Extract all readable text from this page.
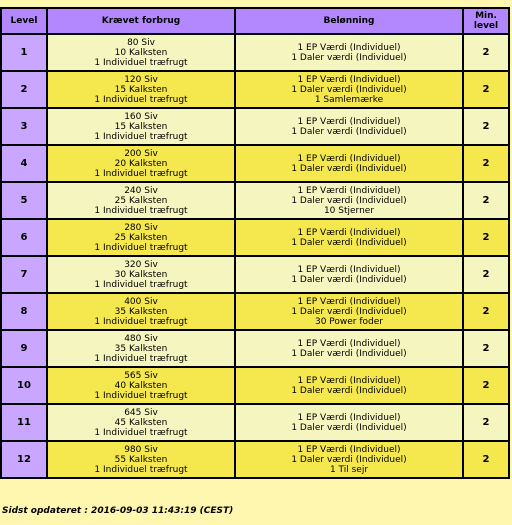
Level	Krævet forbrug	Belønning	Min.
level

1	80 Siv
10 Kalksten
1 Individuel træfrugt	1 EP Værdi (Individuel)
1 Daler værdi (Individuel)	2
2	120 Siv
15 Kalksten
1 Individuel træfrugt	1 EP Værdi (Individuel)
1 Daler værdi (Individuel)
1 Samlemærke	2
3	160 Siv
15 Kalksten
1 Individuel træfrugt	1 EP Værdi (Individuel)
1 Daler værdi (Individuel)	2
4	200 Siv
20 Kalksten
1 Individuel træfrugt	1 EP Værdi (Individuel)
1 Daler værdi (Individuel)	2
5	240 Siv
25 Kalksten
1 Individuel træfrugt	1 EP Værdi (Individuel)
1 Daler værdi (Individuel)
10 Stjerner	2
6	280 Siv
25 Kalksten
1 Individuel træfrugt	1 EP Værdi (Individuel)
1 Daler værdi (Individuel)	2
7	320 Siv
30 Kalksten
1 Individuel træfrugt	1 EP Værdi (Individuel)
1 Daler værdi (Individuel)	2
8	400 Siv
35 Kalksten
1 Individuel træfrugt	1 EP Værdi (Individuel)
1 Daler værdi (Individuel)
30 Power foder	2
9	480 Siv
35 Kalksten
1 Individuel træfrugt	1 EP Værdi (Individuel)
1 Daler værdi (Individuel)	2
10	565 Siv
40 Kalksten
1 Individuel træfrugt	1 EP Værdi (Individuel)
1 Daler værdi (Individuel)	2
11	645 Siv
45 Kalksten
1 Individuel træfrugt	1 EP Værdi (Individuel)
1 Daler værdi (Individuel)	2
12	980 Siv
55 Kalksten
1 Individuel træfrugt	1 EP Værdi (Individuel)
1 Daler værdi (Individuel)
1 Til sejr	2
Sidst opdateret : 2016-09-03 11:43:19 (CEST)
